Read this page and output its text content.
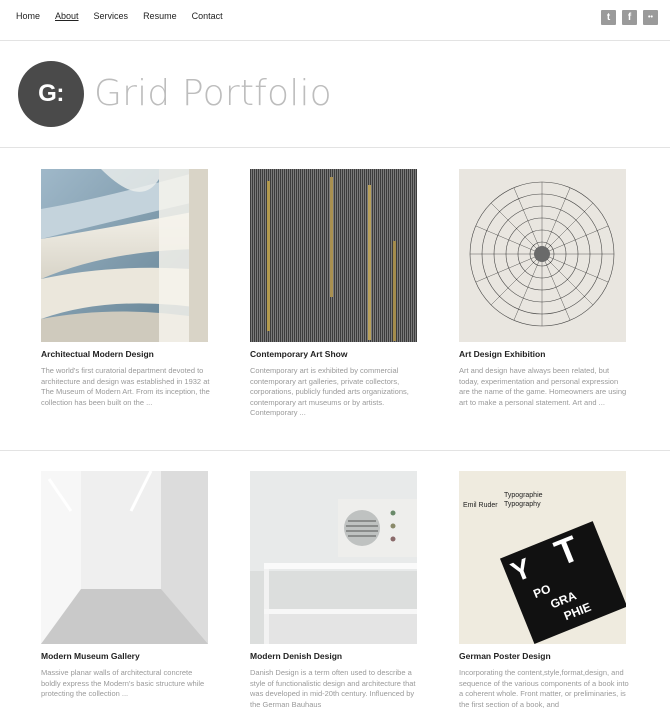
Home About Services Resume Contact	t	f	••
G: Grid Portfolio
Architectual Modern Design

The world's first curatorial department devoted to architecture and design was established in 1932 at The Museum of Modern Art. From its inception, the collection has been built on the ...

Contemporary Art Show

Contemporary art is exhibited by commercial contemporary art galleries, private collectors, corporations, publicly funded arts organizations, contemporary art museums or by artists. Contemporary ...

Art Design Exhibition

Art and design have always been related, but today, experimentation and personal expression are the name of the game. Homeowners are using art to make a personal statement. Art and ...

Modern Museum Gallery

Massive planar walls of architectural concrete boldly express the Modern's basic structure while protecting the collection ...

Modern Denish Design

Danish Design is a term often used to describe a style of functionalistic design and architecture that was developed in mid-20th century. Influenced by the German Bauhaus

Emil Ruder
Typographie
Typography
Y T
PO
GRA
PHIE
German Poster Design

Incorporating the content,style,format,design, and sequence of the various components of a book into a coherent whole. Front matter, or preliminaries, is the first section of a book, and
